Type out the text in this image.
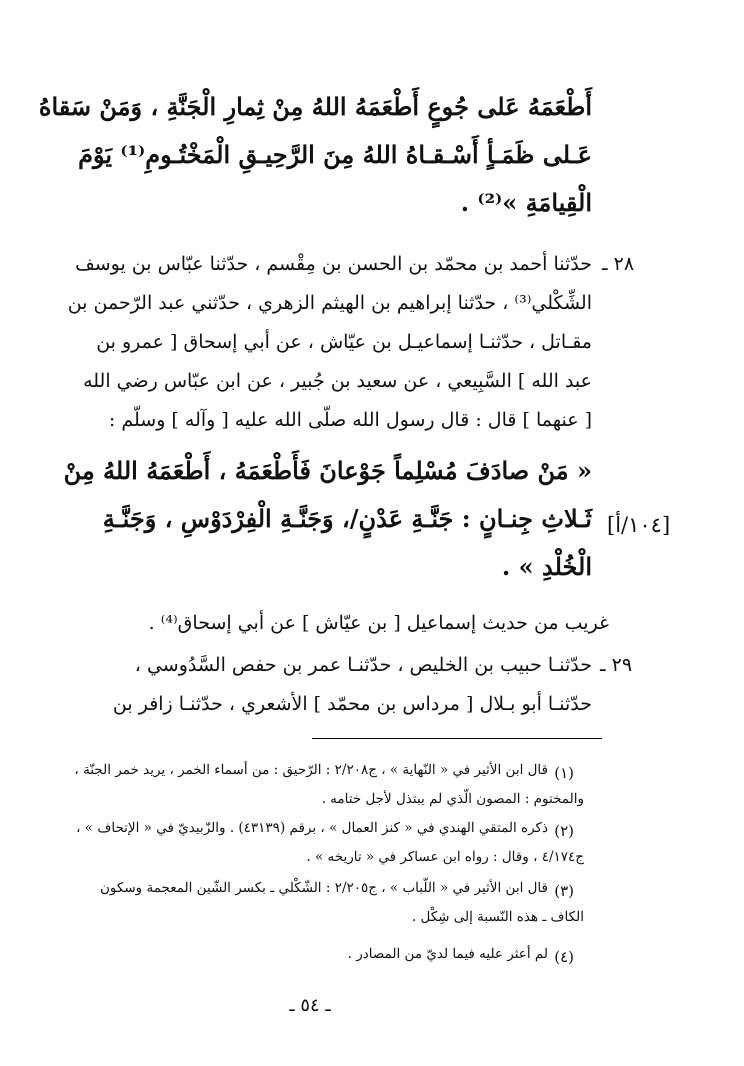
أَطْعَمَهُ عَلى جُوعٍ أَطْعَمَهُ اللهُ مِنْ ثِمارِ الْجَنَّةِ ، وَمَنْ سَقاهُ
عَـلى ظَمَـأٍ أَسْـقـاهُ اللهُ مِنَ الرَّحِيـقِ الْمَخْتُـومِ⁽¹⁾ يَوْمَ
الْقِيامَةِ »⁽²⁾ .
٢٨ ـ
حدّثنا أحمد بن محمّد بن الحسن بن مِقْسم ، حدّثنا عبّاس بن يوسف
الشِّكْلي⁽³⁾ ، حدّثنا إبراهيم بن الهيثم الزهري ، حدّثني عبد الرّحمن بن
مقـاتل ، حدّثنـا إسماعيـل بن عيّاش ، عن أبي إسحاق [ عمرو بن
عبد الله ] السَّبِيعي ، عن سعيد بن جُبير ، عن ابن عبّاس رضي الله
[ عنهما ] قال : قال رسول الله صلّى الله عليه [ وآله ] وسلّم :
« مَنْ صادَفَ مُسْلِماً جَوْعانَ فَأَطْعَمَهُ ، أَطْعَمَهُ اللهُ مِنْ
ثَـلاثِ جِنـانٍ : جَنَّـةِ عَدْنٍ/، وَجَنَّـةِ الْفِرْدَوْسِ ، وَجَنَّـةِ
الْخُلْدِ » .
[١٠٤/أ]
غريب من حديث إسماعيل [ بن عيّاش ] عن أبي إسحاق⁽⁴⁾ .
٢٩ ـ
حدّثنـا حبيب بن الخليص ، حدّثنـا عمر بن حفص السَّدُوسي ،
حدّثنـا أبو بـلال [ مرداس بن محمّد ] الأشعري ، حدّثنـا زافر بن
(١)
قال ابن الأثير في « النّهاية » ، ج٢/٢٠٨ : الرّحيق : من أسماء الخمر ، يريد خمر الجنّة ،
والمختوم : المصون الّذي لم يبتذل لأجل ختامه .
(٢)
ذكره المتقي الهندي في « كنز العمال » ، برقم (٤٣١٣٩) . والزّبيديّ في « الإتحاف » ،
ج٤/١٧٤ ، وقال : رواه ابن عساكر في « تاريخه » .
(٣)
قال ابن الأثير في « اللّباب » ، ج٢/٢٠٥ : الشّكْلي ـ بكسر الشّين المعجمة وسكون
الكاف ـ هذه النّسبة إلى شِكْل .
(٤)
لم أعثر عليه فيما لديّ من المصادر .
ـ ٥٤ ـ
